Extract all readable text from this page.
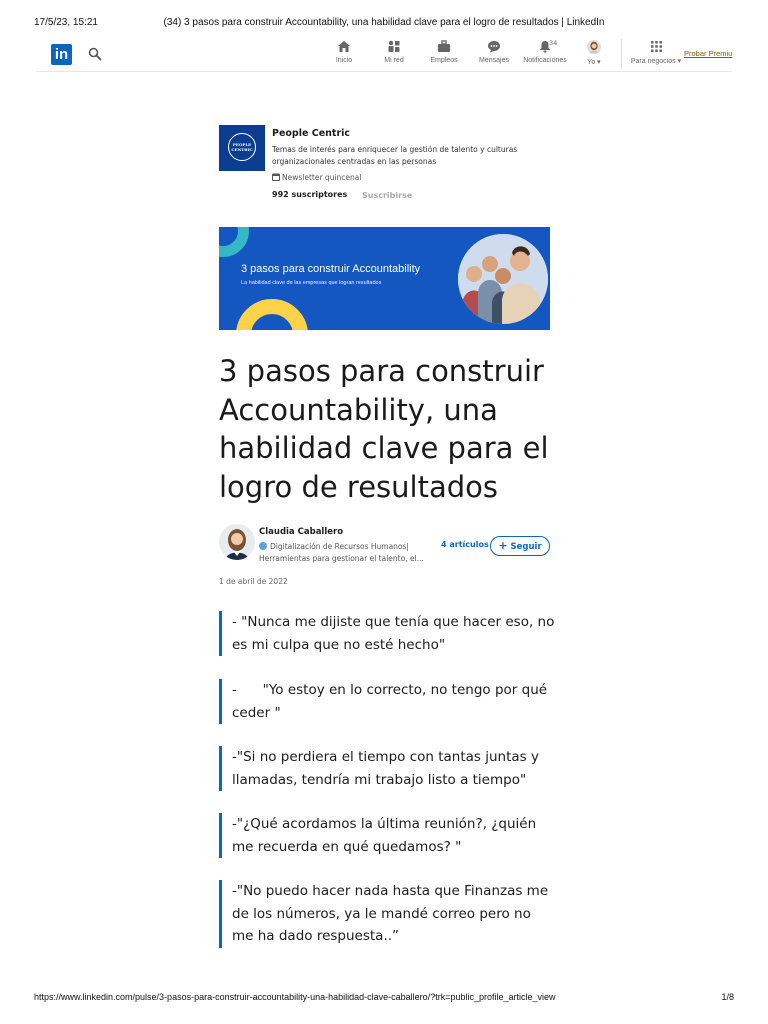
17/5/23, 15:21	(34) 3 pasos para construir Accountability, una habilidad clave para el logro de resultados | LinkedIn
in	Inicio	Mi red	Empleos	Mensajes
34
Notificaciones	Yo ▾	Para negocios ▾
Probar Premiu
PEOPLE CENTRIC
People Centric
Temas de interés para enriquecer la gestión de talento y culturas organizacionales centradas en las personas
Newsletter quincenal
992 suscriptores Suscribirse
3 pasos para construir Accountability
La habilidad clave de las empresas que logran resultados
3 pasos para construir Accountability, una habilidad clave para el logro de resultados
Claudia Caballero
Digitalización de Recursos Humanos| Herramientas para gestionar el talento, el...
4 artículos + Seguir
1 de abril de 2022
- "Nunca me dijiste que tenía que hacer eso, no es mi culpa que no esté hecho"
-      "Yo estoy en lo correcto, no tengo por qué ceder "
-"Si no perdiera el tiempo con tantas juntas y llamadas, tendría mi trabajo listo a tiempo"
-"¿Qué acordamos la última reunión?, ¿quién me recuerda en qué quedamos? "
-"No puedo hacer nada hasta que Finanzas me de los números, ya le mandé correo pero no me ha dado respuesta..”
https://www.linkedin.com/pulse/3-pasos-para-construir-accountability-una-habilidad-clave-caballero/?trk=public_profile_article_view	1/8
